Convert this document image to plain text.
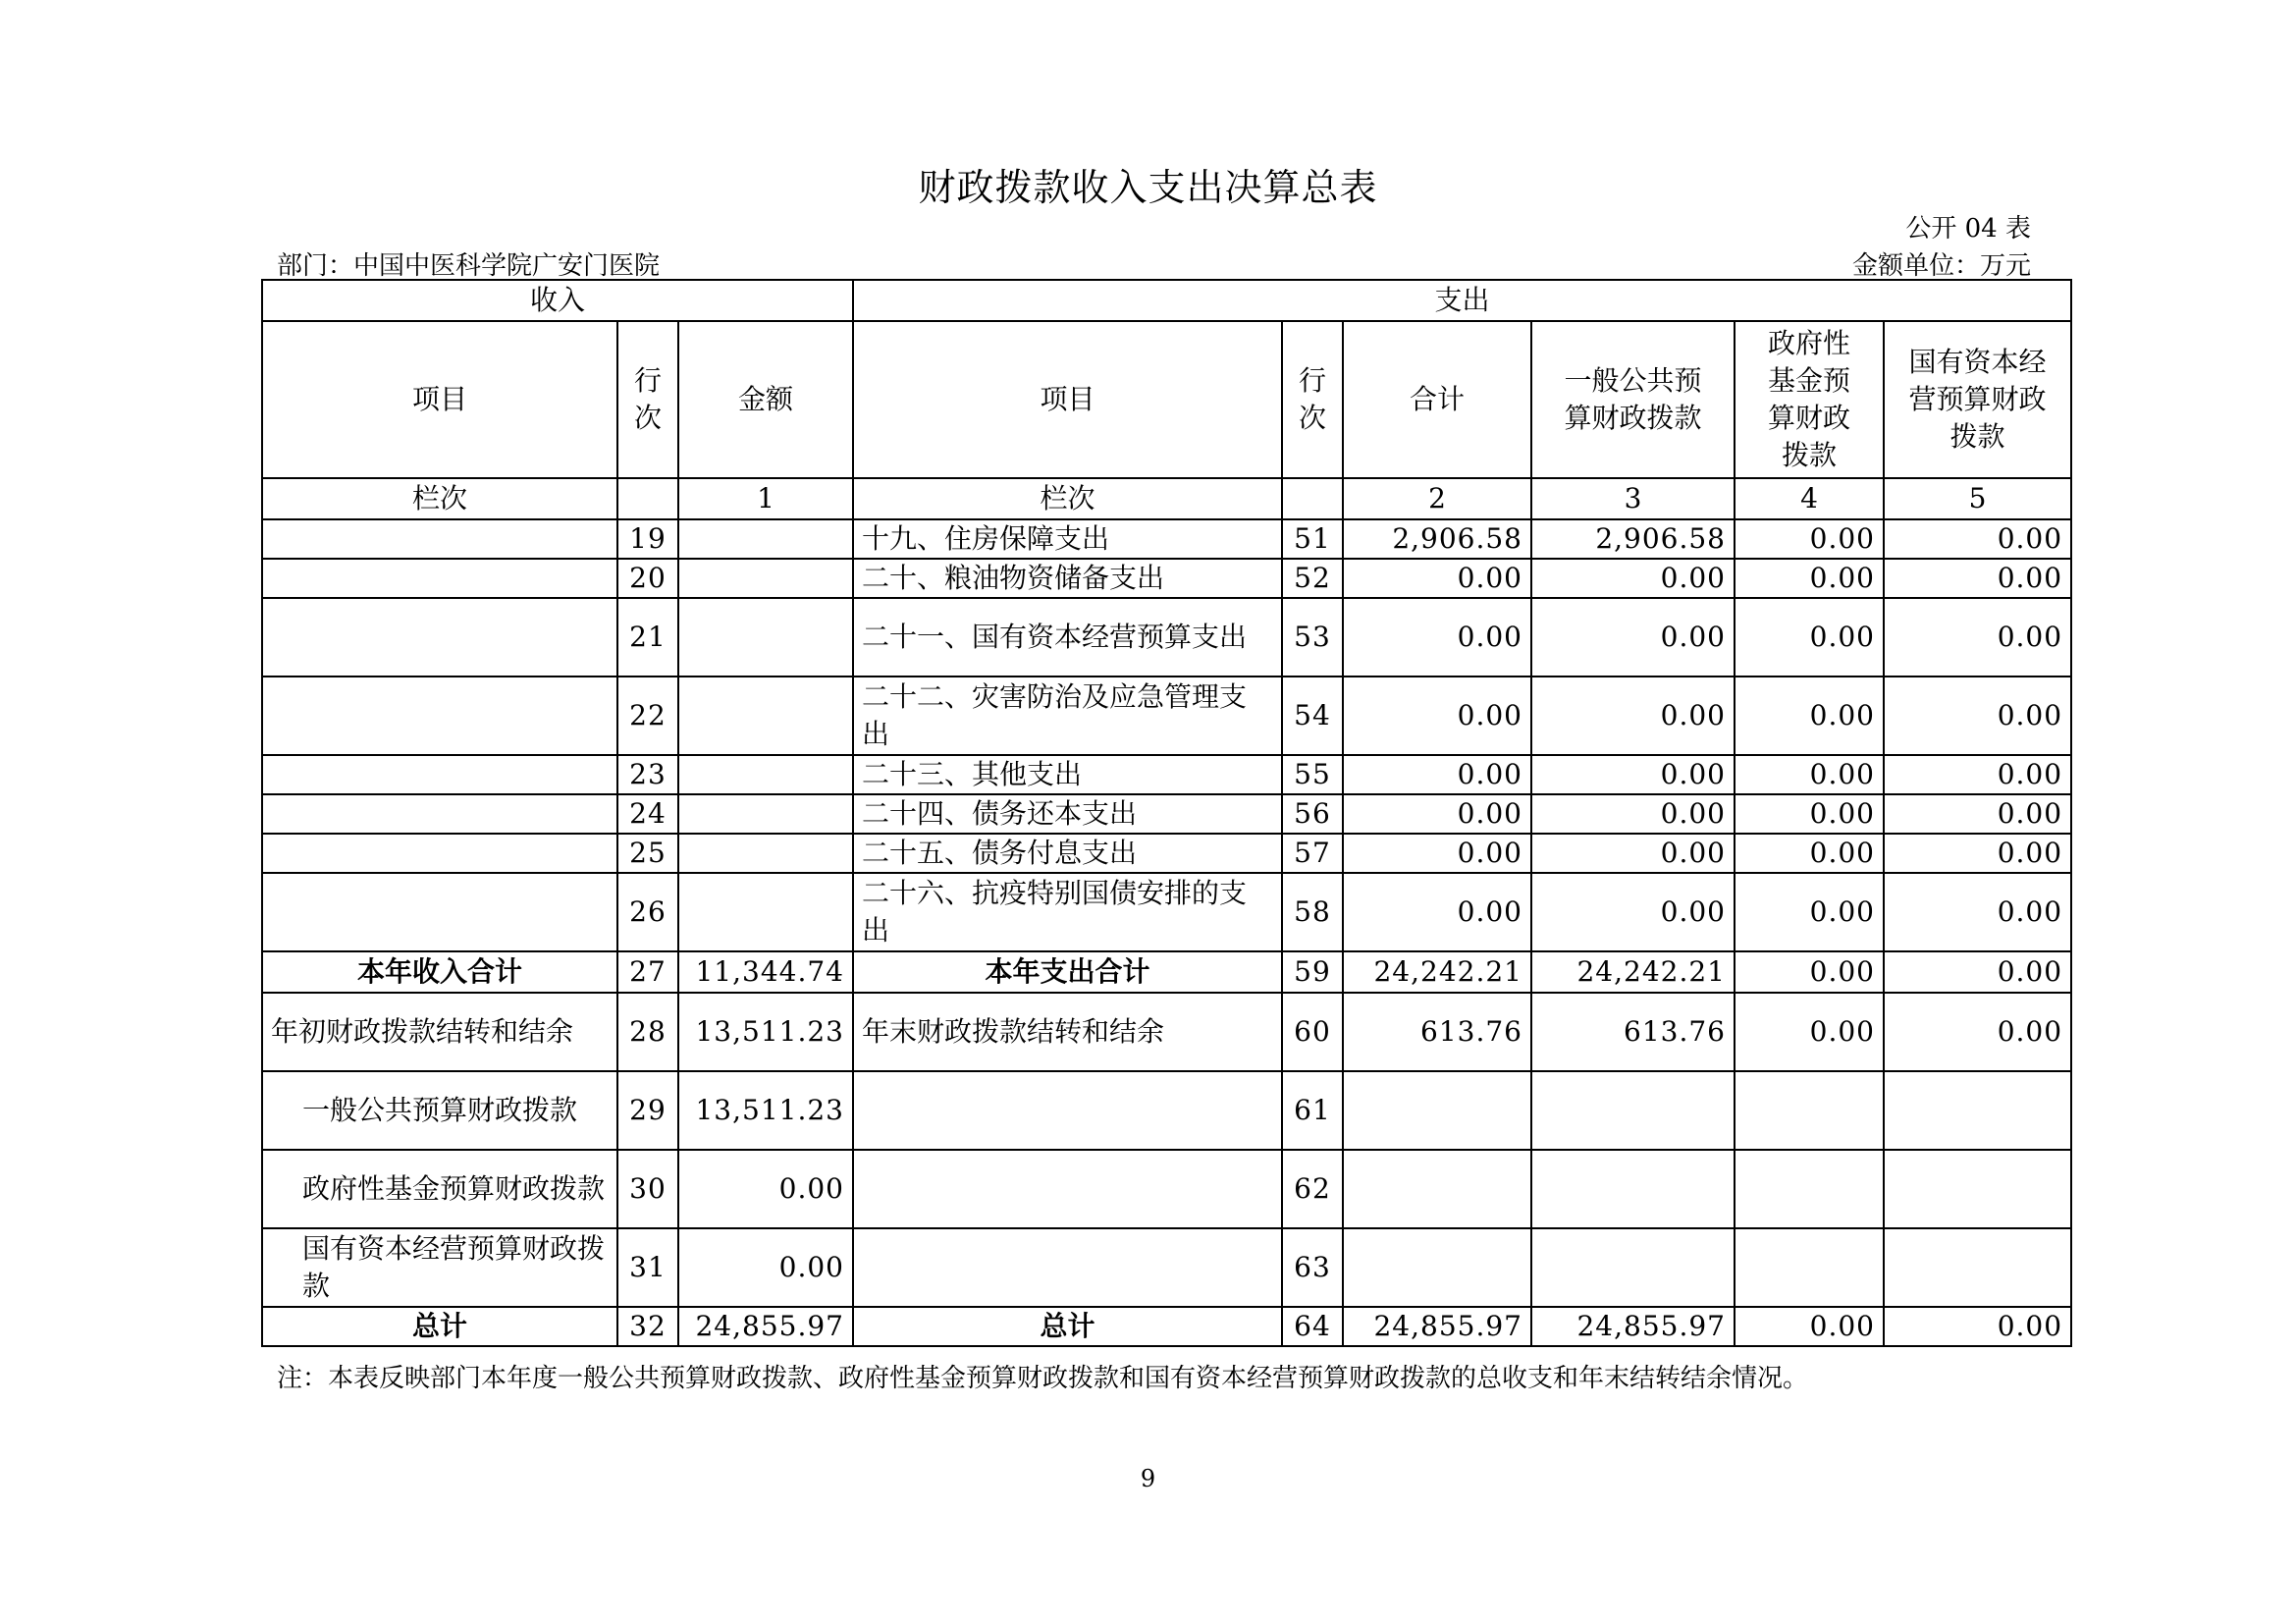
财政拨款收入支出决算总表
公开 04 表
部门：中国中医科学院广安门医院	金额单位：万元
收入			支出					
项目	行次	金额	项目	行次	合计	一般公共预算财政拨款	政府性基金预算财政拨款	国有资本经营预算财政拨款
栏次		1	栏次		2	3	4	5
	19		十九、住房保障支出	51	2,906.58	2,906.58	0.00	0.00
	20		二十、粮油物资储备支出	52	0.00	0.00	0.00	0.00
	21		二十一、国有资本经营预算支出	53	0.00	0.00	0.00	0.00
	22		二十二、灾害防治及应急管理支出	54	0.00	0.00	0.00	0.00
	23		二十三、其他支出	55	0.00	0.00	0.00	0.00
	24		二十四、债务还本支出	56	0.00	0.00	0.00	0.00
	25		二十五、债务付息支出	57	0.00	0.00	0.00	0.00
	26		二十六、抗疫特别国债安排的支出	58	0.00	0.00	0.00	0.00
本年收入合计	27	11,344.74	本年支出合计	59	24,242.21	24,242.21	0.00	0.00
年初财政拨款结转和结余	28	13,511.23	年末财政拨款结转和结余	60	613.76	613.76	0.00	0.00
一般公共预算财政拨款	29	13,511.23		61				
政府性基金预算财政拨款	30	0.00		62				
国有资本经营预算财政拨款	31	0.00		63				
总计	32	24,855.97	总计	64	24,855.97	24,855.97	0.00	0.00
注：本表反映部门本年度一般公共预算财政拨款、政府性基金预算财政拨款和国有资本经营预算财政拨款的总收支和年末结转结余情况。
9
